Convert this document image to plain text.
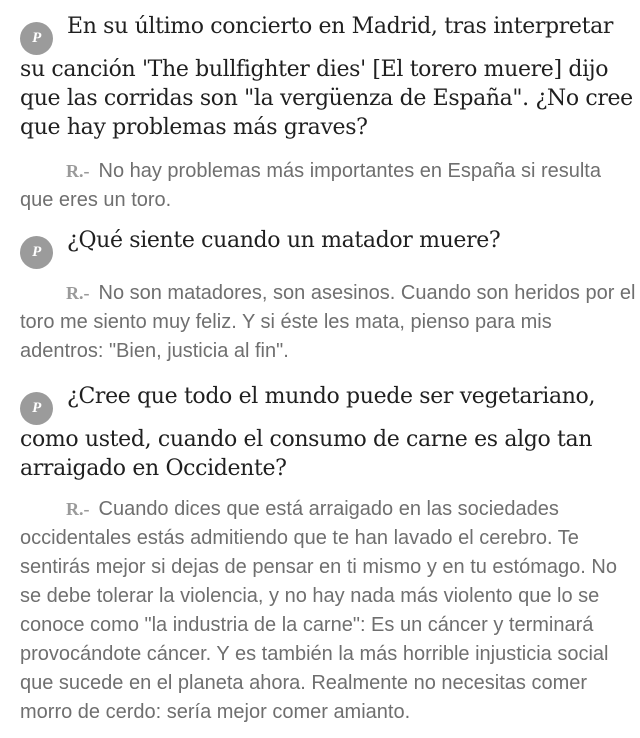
P En su último concierto en Madrid, tras interpretar su canción 'The bullfighter dies' [El torero muere] dijo que las corridas son "la vergüenza de España". ¿No cree que hay problemas más graves?

R.- No hay problemas más importantes en España si resulta que eres un toro.

P ¿Qué siente cuando un matador muere?

R.- No son matadores, son asesinos. Cuando son heridos por el toro me siento muy feliz. Y si éste les mata, pienso para mis adentros: "Bien, justicia al fin".

P ¿Cree que todo el mundo puede ser vegetariano, como usted, cuando el consumo de carne es algo tan arraigado en Occidente?

R.- Cuando dices que está arraigado en las sociedades occidentales estás admitiendo que te han lavado el cerebro. Te sentirás mejor si dejas de pensar en ti mismo y en tu estómago. No se debe tolerar la violencia, y no hay nada más violento que lo se conoce como "la industria de la carne": Es un cáncer y terminará provocándote cáncer. Y es también la más horrible injusticia social que sucede en el planeta ahora. Realmente no necesitas comer morro de cerdo: sería mejor comer amianto.
